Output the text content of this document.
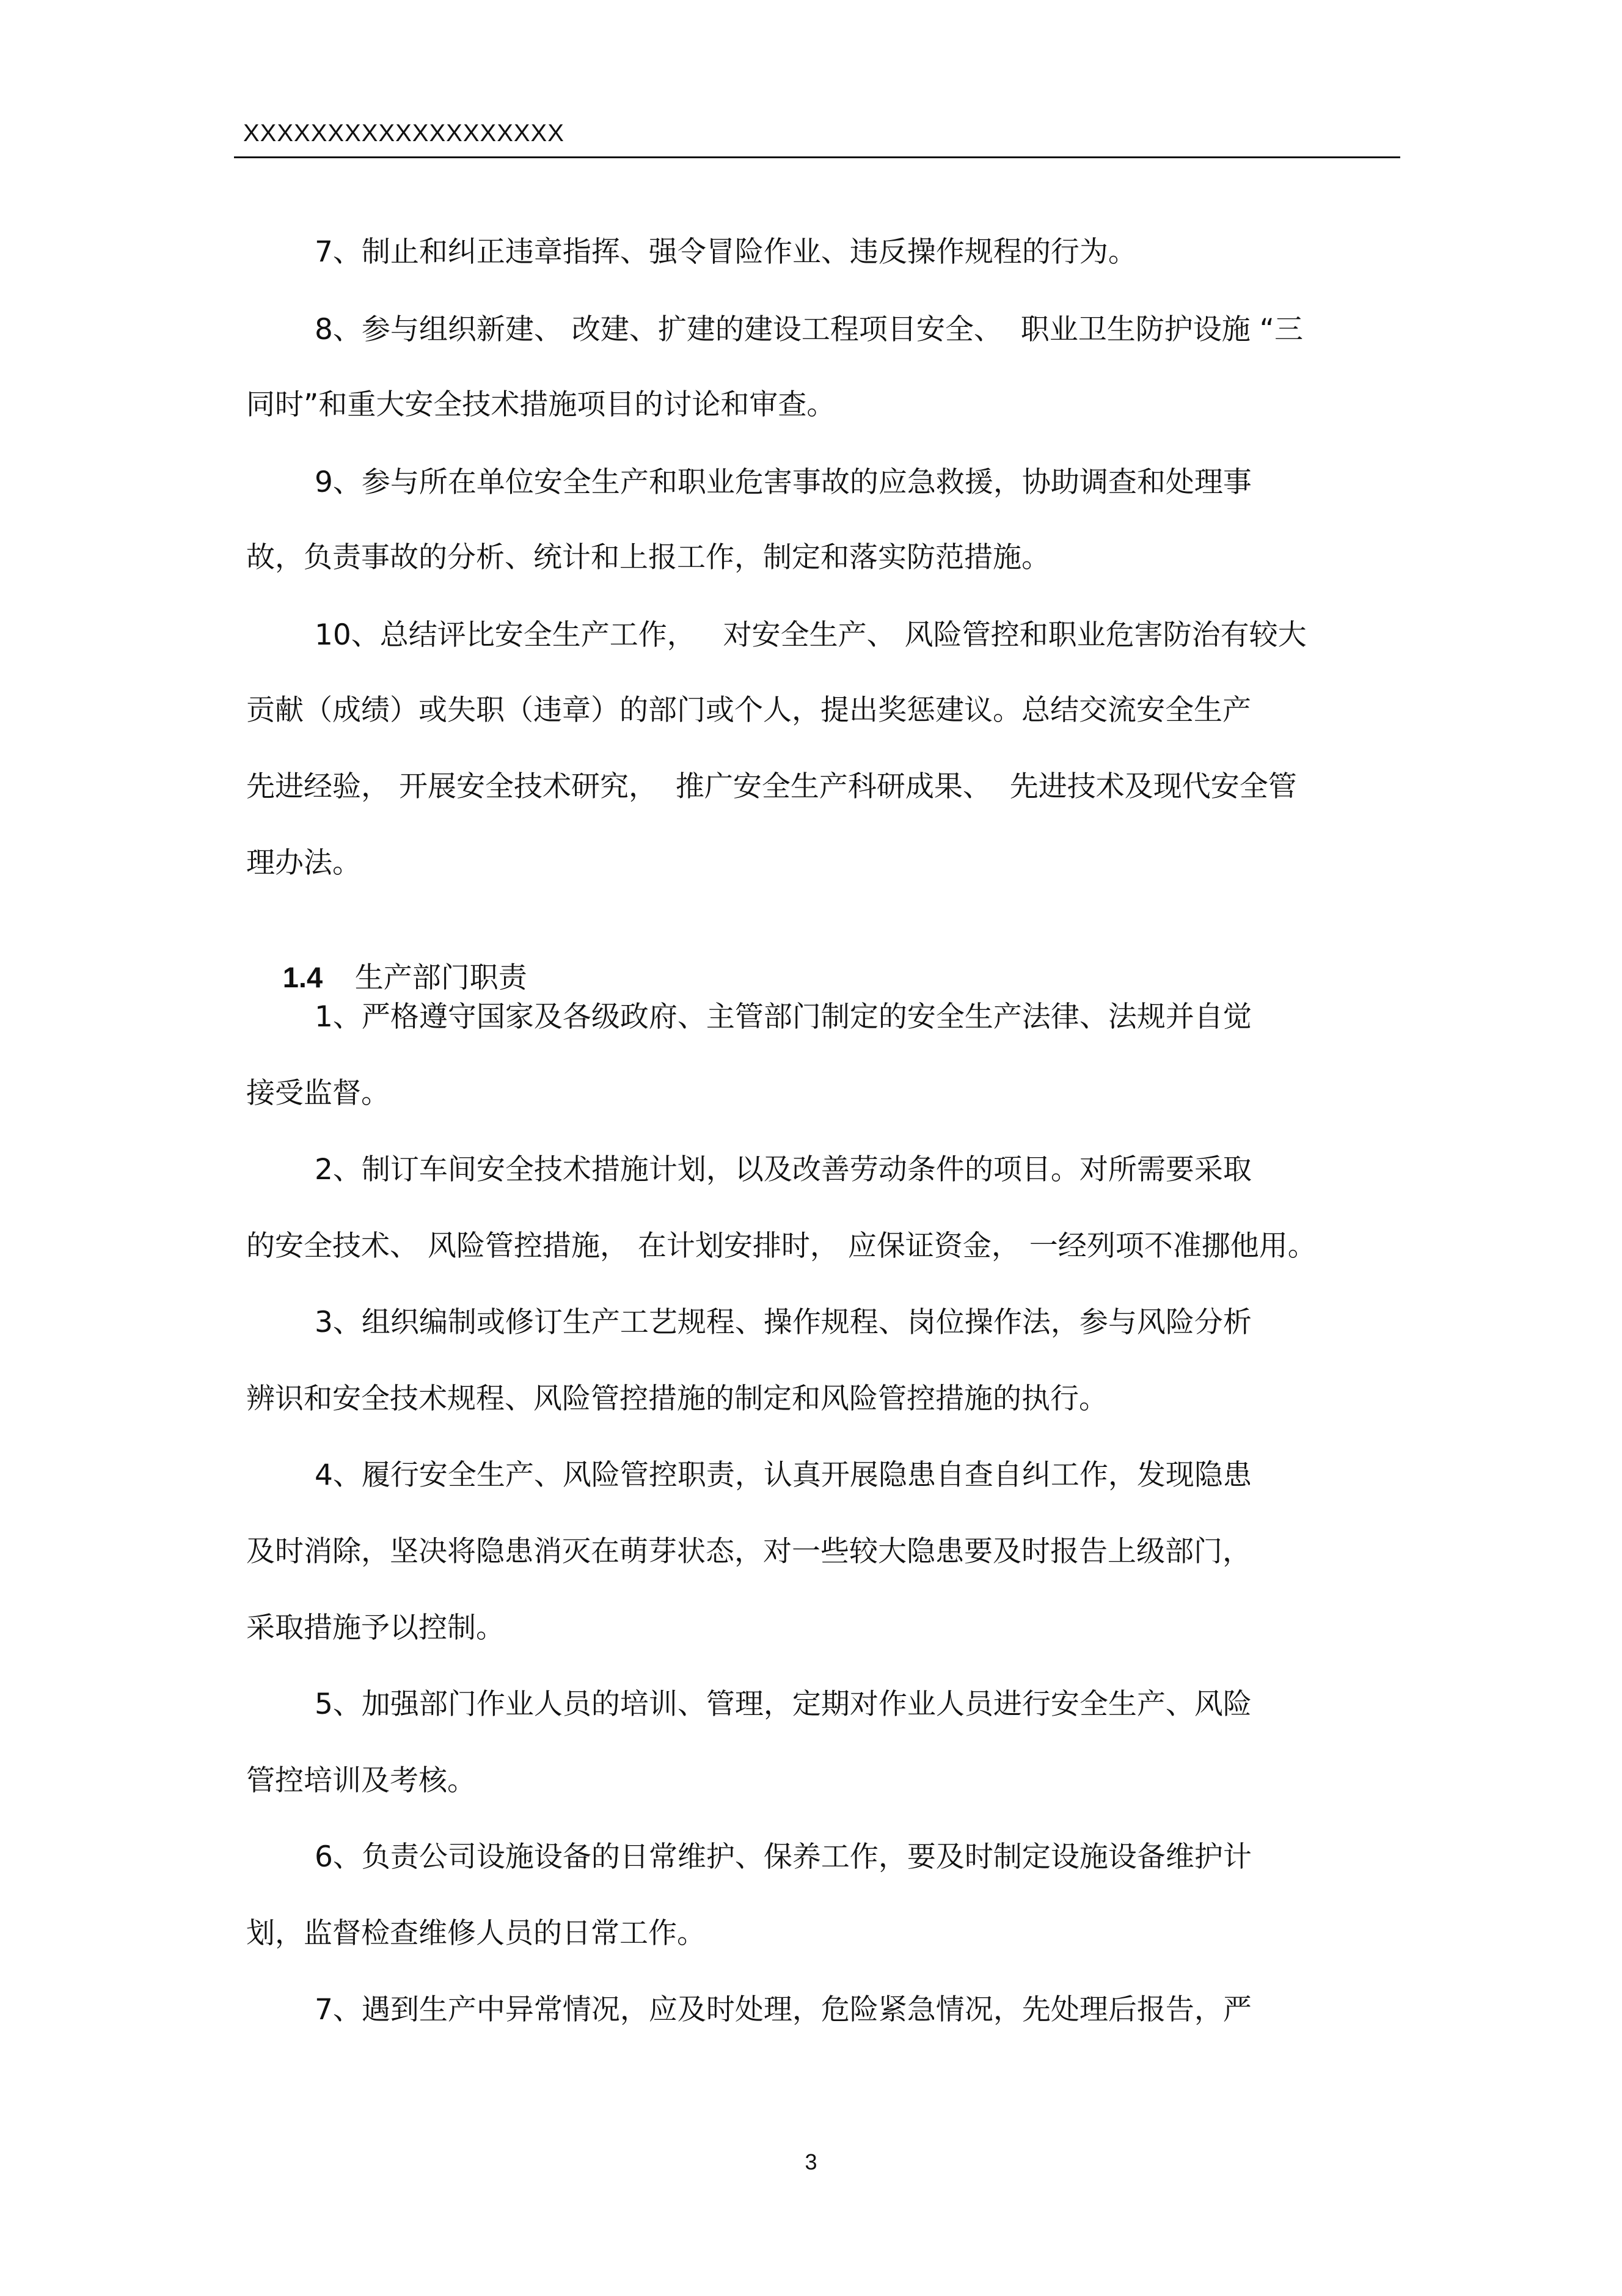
XXXXXXXXXXXXXXXXXXX
7、制止和纠正违章指挥、强令冒险作业、违反操作规程的行为。
8、参与组织新建、 改建、扩建的建设工程项目安全、  职业卫生防护设施 “三
同时”和重大安全技术措施项目的讨论和审查。
9、参与所在单位安全生产和职业危害事故的应急救援，协助调查和处理事
故，负责事故的分析、统计和上报工作，制定和落实防范措施。
10、总结评比安全生产工作，   对安全生产、 风险管控和职业危害防治有较大
贡献（成绩）或失职（违章）的部门或个人，提出奖惩建议。总结交流安全生产
先进经验， 开展安全技术研究，  推广安全生产科研成果、  先进技术及现代安全管
理办法。

1.4 生产部门职责

1、严格遵守国家及各级政府、主管部门制定的安全生产法律、法规并自觉
接受监督。
2、制订车间安全技术措施计划，以及改善劳动条件的项目。对所需要采取
的安全技术、 风险管控措施， 在计划安排时， 应保证资金， 一经列项不准挪他用。
3、组织编制或修订生产工艺规程、操作规程、岗位操作法，参与风险分析
辨识和安全技术规程、风险管控措施的制定和风险管控措施的执行。
4、履行安全生产、风险管控职责，认真开展隐患自查自纠工作，发现隐患
及时消除，坚决将隐患消灭在萌芽状态，对一些较大隐患要及时报告上级部门，
采取措施予以控制。
5、加强部门作业人员的培训、管理，定期对作业人员进行安全生产、风险
管控培训及考核。
6、负责公司设施设备的日常维护、保养工作，要及时制定设施设备维护计
划，监督检查维修人员的日常工作。
7、遇到生产中异常情况，应及时处理，危险紧急情况，先处理后报告，严
3
